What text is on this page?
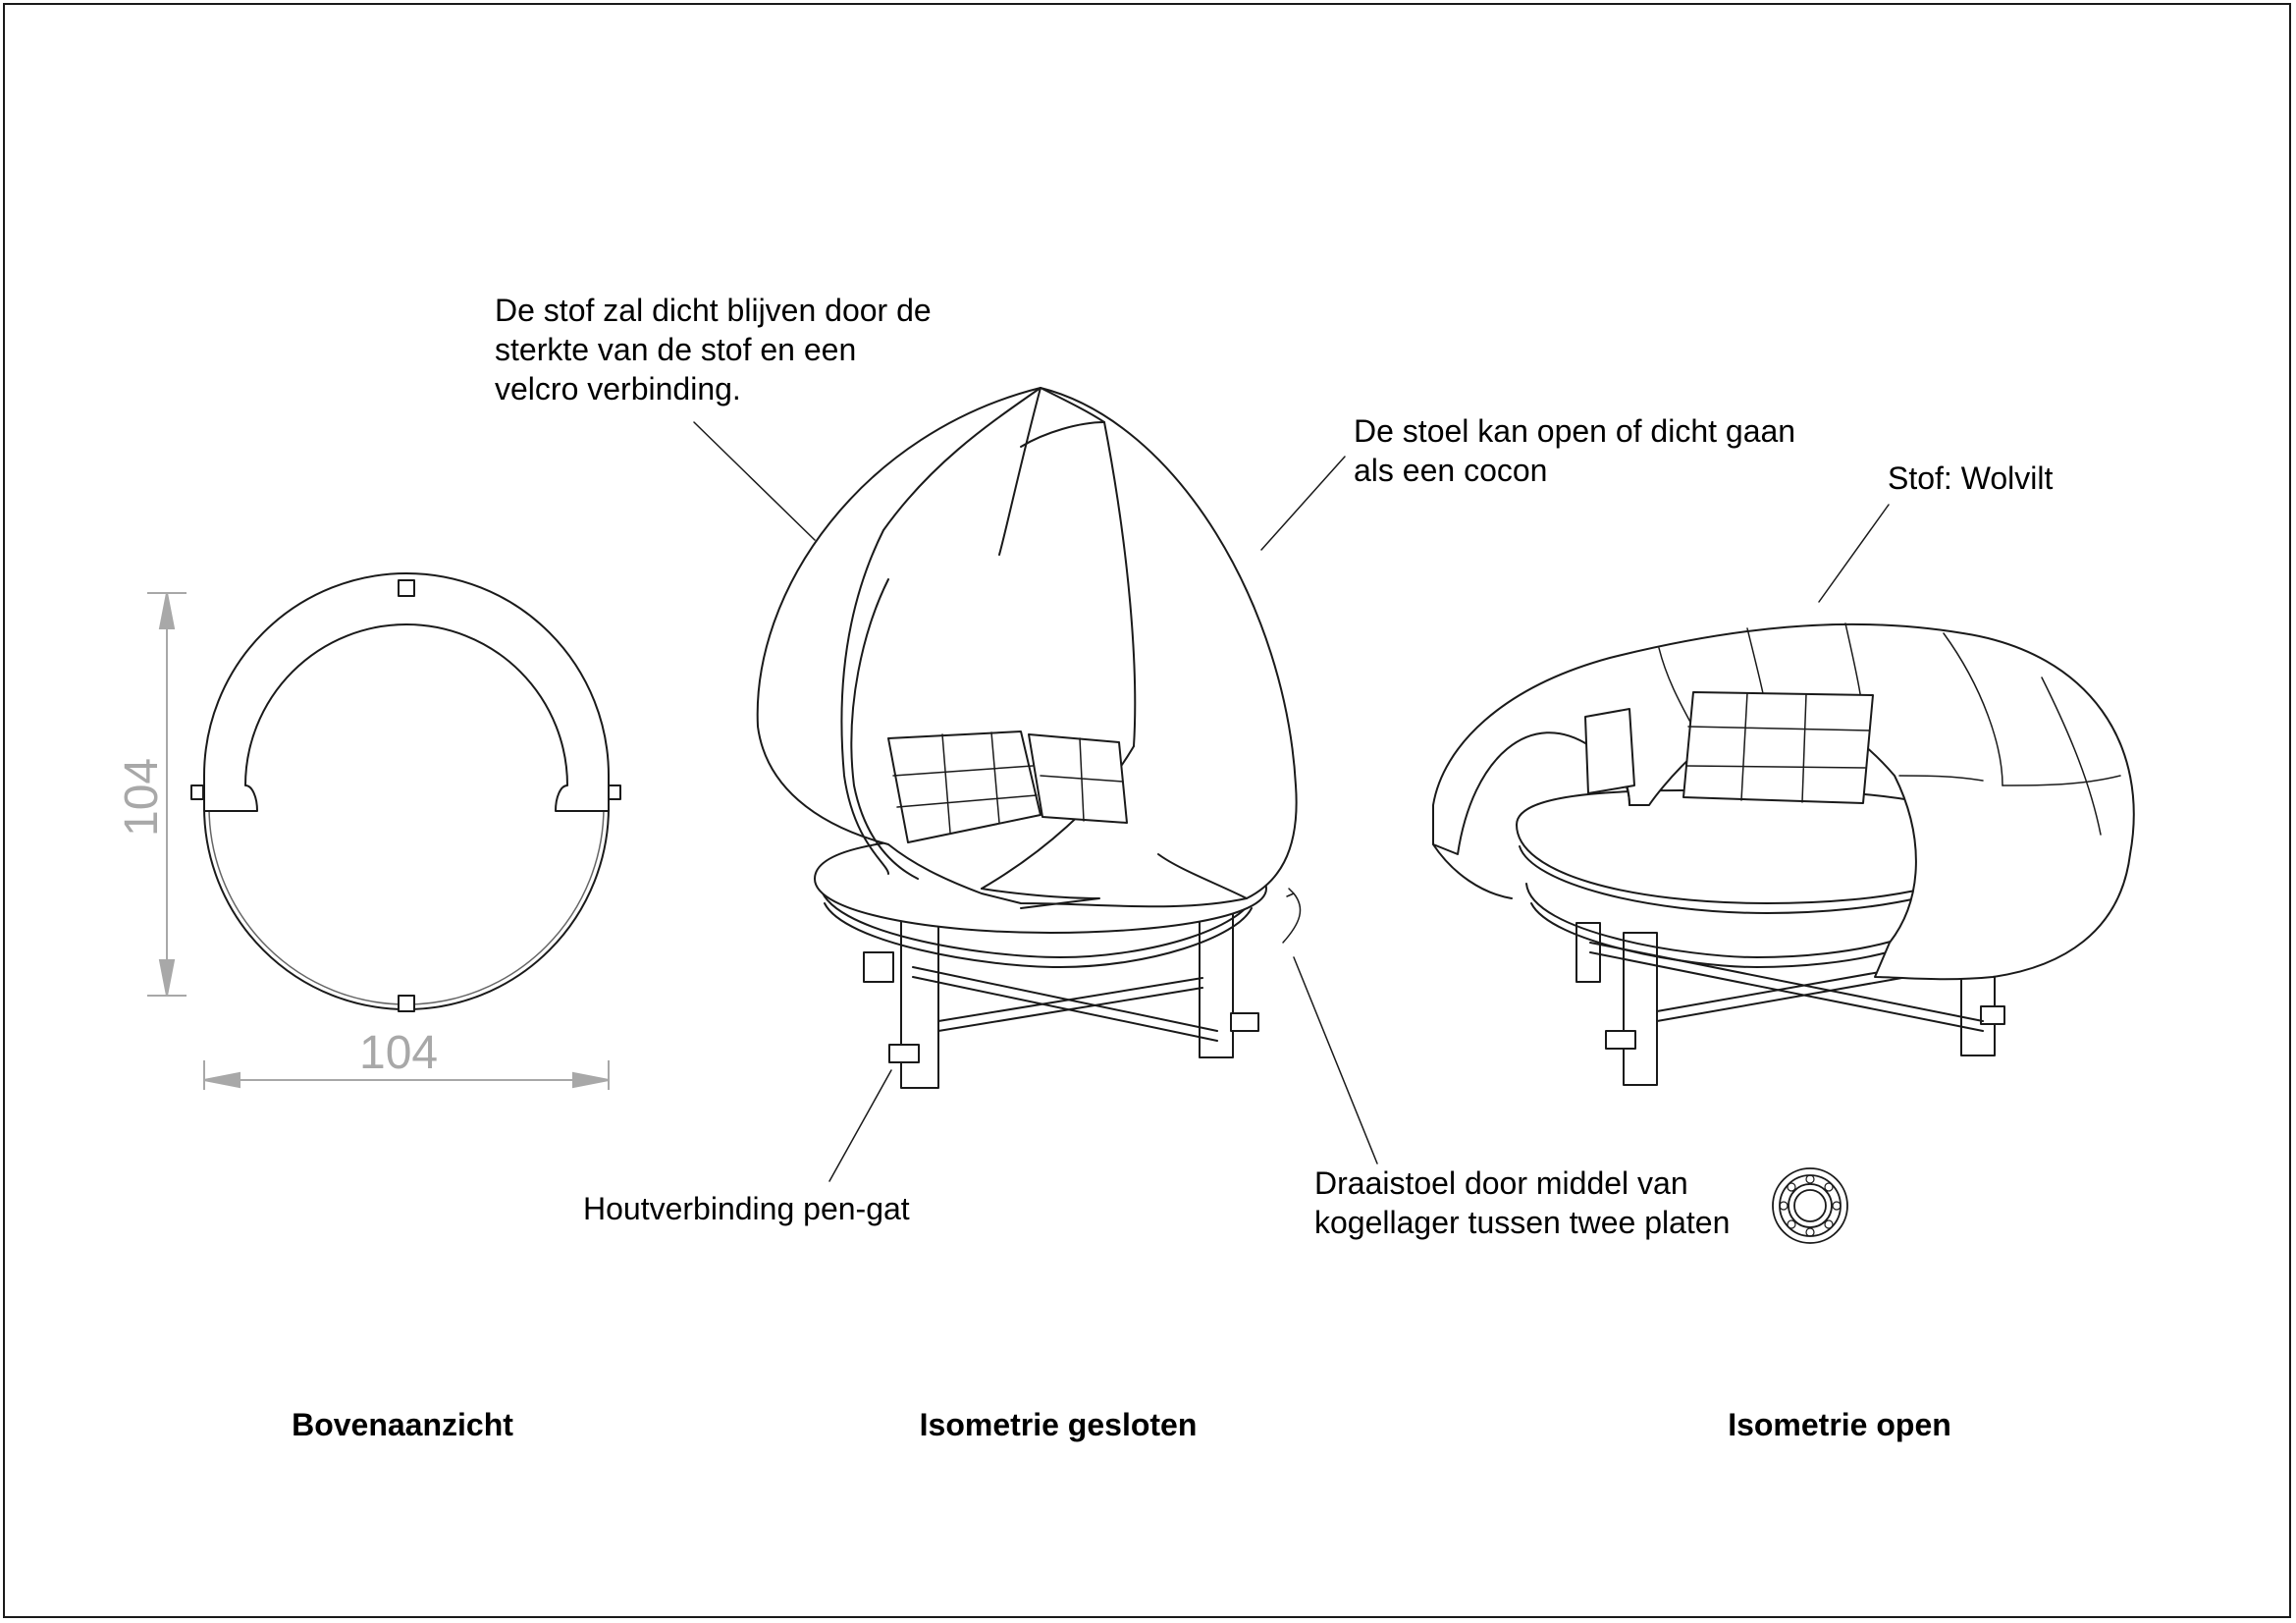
104
104
De stof zal dicht blijven door de
sterkte van de stof en een
velcro verbinding.
De stoel kan open of dicht gaan
als een cocon	Stof: Wolvilt
Houtverbinding pen-gat
Draaistoel door middel van
kogellager tussen twee platen
Bovenaanzicht	Isometrie gesloten	Isometrie open
